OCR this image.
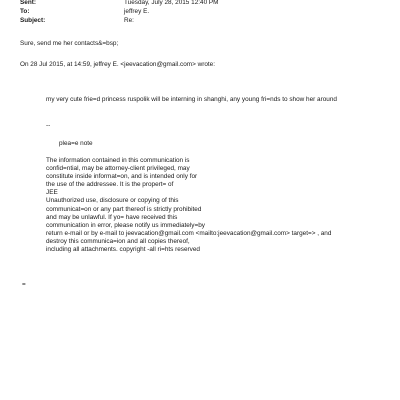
Sent:	Tuesday, July 28, 2015 12:40 PM
To:	jeffrey E.
Subject:	Re:
Sure, send me her contacts&=bsp;
On 28 Jul 2015, at 14:59, jeffrey E. <jeevacation@gmail.com> wrote:
my very cute frie=d princess ruspolik will be interning in shanghi, any young fri=nds to show her around
--
plea=e note
The information contained in this communication is
confid=ntial, may be attorney-client privileged, may
constitute inside informat=on, and is intended only for
the use of the addressee. It is the propert= of
JEE
Unauthorized use, disclosure or copying of this
communicat=on or any part thereof is strictly prohibited
and may be unlawful. If yo= have received this
communication in error, please notify us immediately=by
return e-mail or by e-mail to jeevacation@gmail.com <mailto:jeevacation@gmail.com> target=> , and
destroy this communica=ion and all copies thereof,
including all attachments. copyright -all ri=hts reserved
=
